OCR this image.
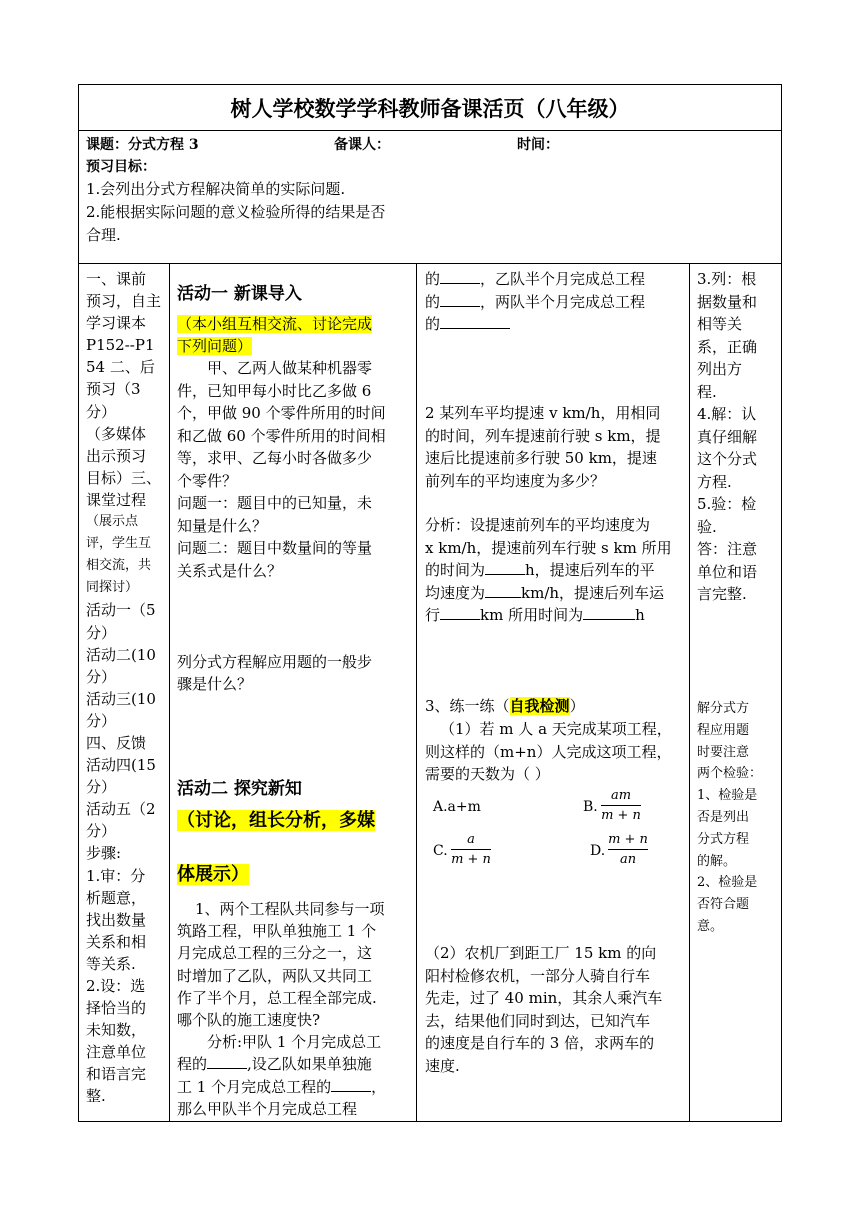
树人学校数学学科教师备课活页（八年级）
课题：分式方程 3	备课人：	时间：
预习目标：
1.会列出分式方程解决简单的实际问题.
2.能根据实际问题的意义检验所得的结果是否
合理.
一、课前
预习，自主
学习课本
P152--P1
54 二、后
预习（3
分）
（多媒体
出示预习
目标）三、
课堂过程
（展示点
评，学生互
相交流，共
同探讨）
活动一（5
分）
活动二(10
分）
活动三(10
分）
四、反馈
活动四(15
分）
活动五（2
分）
步骤:
1.审：分
析题意，
找出数量
关系和相
等关系.
2.设：选
择恰当的
未知数，
注意单位
和语言完
整.
活动一 新课导入
（本小组互相交流、讨论完成
下列问题）
甲、乙两人做某种机器零
件，已知甲每小时比乙多做 6
个，甲做 90 个零件所用的时间
和乙做 60 个零件所用的时间相
等，求甲、乙每小时各做多少
个零件？
问题一：题目中的已知量，未
知量是什么？
问题二：题目中数量间的等量
关系式是什么？
列分式方程解应用题的一般步
骤是什么？
活动二 探究新知
（讨论，组长分析，多媒
体展示）
1、两个工程队共同参与一项
筑路工程，甲队单独施工 1 个
月完成总工程的三分之一，这
时增加了乙队，两队又共同工
作了半个月，总工程全部完成.
哪个队的施工速度快?
分析:甲队 1 个月完成总工
程的	,设乙队如果单独施
工 1 个月完成总工程的	，
那么甲队半个月完成总工程
的	，乙队半个月完成总工程
的	，两队半个月完成总工程
的
2 某列车平均提速 v km/h，用相同
的时间，列车提速前行驶 s km，提
速后比提速前多行驶 50 km，提速
前列车的平均速度为多少？
分析：设提速前列车的平均速度为
x km/h，提速前列车行驶 s km 所用
的时间为	h，提速后列车的平
均速度为 km/h，提速后列车运
行	km 所用时间为	h
3、练一练（自我检测）
（1）若 m 人 a 天完成某项工程，
则这样的（m+n）人完成这项工程，
需要的天数为（ ）
A.a+m	B.
am
m + n
C.
a
m + n
D.
m + n
an
（2）农机厂到距工厂 15 km 的向
阳村检修农机，一部分人骑自行车
先走，过了 40 min，其余人乘汽车
去，结果他们同时到达，已知汽车
的速度是自行车的 3 倍，求两车的
速度.
3.列：根
据数量和
相等关
系，正确
列出方
程.
4.解：认
真仔细解
这个分式
方程.
5.验：检
验.
答：注意
单位和语
言完整.
解分式方
程应用题
时要注意
两个检验：
1、检验是
否是列出
分式方程
的解。
2、检验是
否符合题
意。
